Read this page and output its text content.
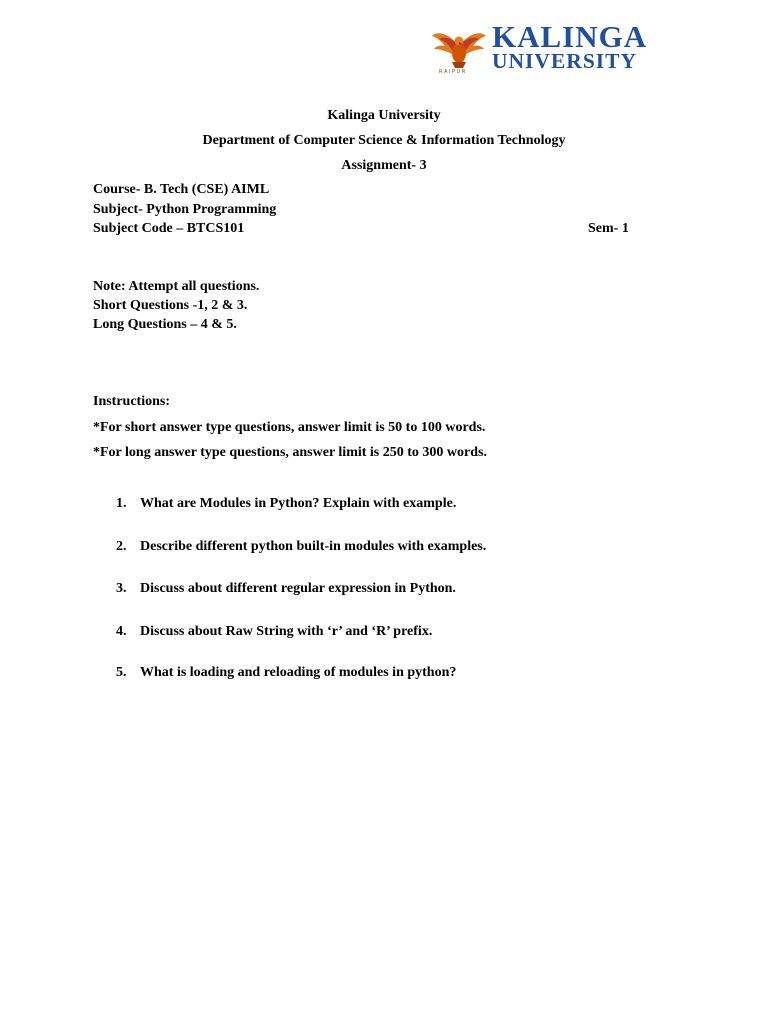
KALINGA
UNIVERSITY
RAIPUR
Kalinga University
Department of Computer Science & Information Technology
Assignment- 3
Course- B. Tech (CSE) AIML
Subject- Python Programming
Subject Code – BTCS101	Sem- 1
Note: Attempt all questions.
Short Questions -1, 2 & 3.
Long Questions – 4 & 5.
Instructions:
*For short answer type questions, answer limit is 50 to 100 words.
*For long answer type questions, answer limit is 250 to 300 words.
1. What are Modules in Python? Explain with example.
2. Describe different python built-in modules with examples.
3. Discuss about different regular expression in Python.
4. Discuss about Raw String with ‘r’ and ‘R’ prefix.
5. What is loading and reloading of modules in python?
